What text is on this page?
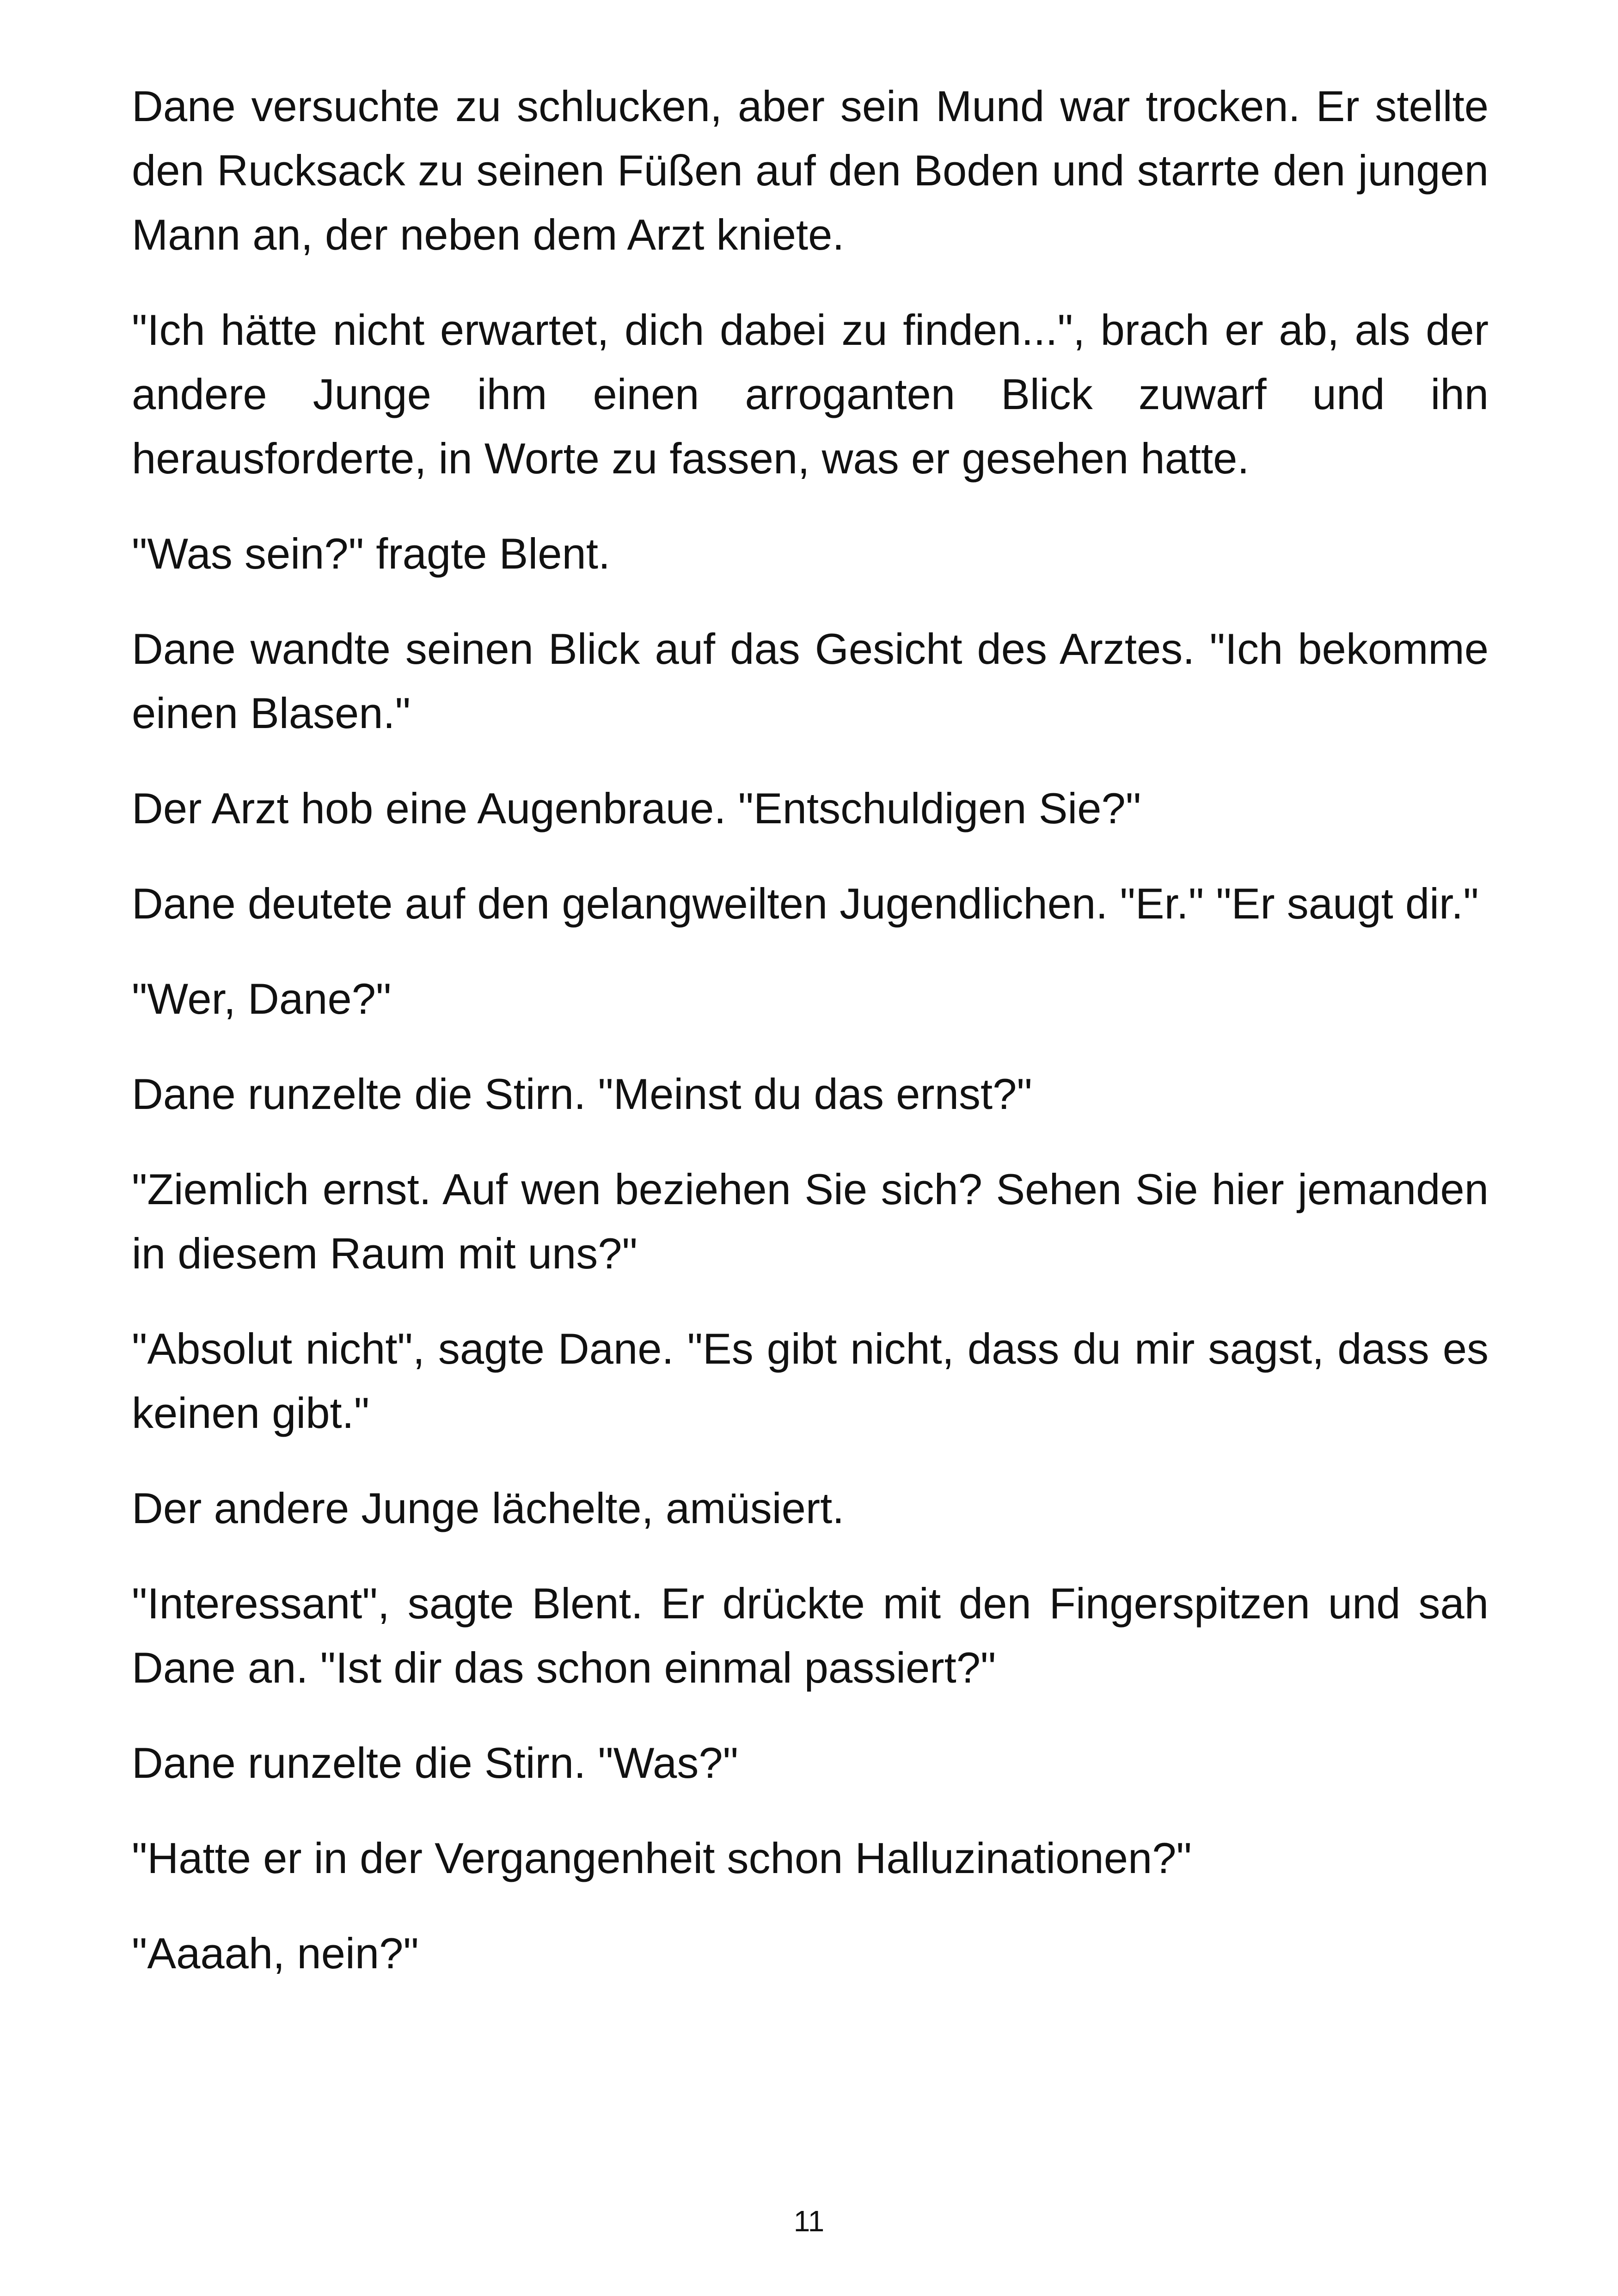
Dane versuchte zu schlucken, aber sein Mund war trocken. Er stellte den Rucksack zu seinen Füßen auf den Boden und starrte den jungen Mann an, der neben dem Arzt kniete.

"Ich hätte nicht erwartet, dich dabei zu finden...", brach er ab, als der andere Junge ihm einen arroganten Blick zuwarf und ihn herausforderte, in Worte zu fassen, was er gesehen hatte.

"Was sein?" fragte Blent.

Dane wandte seinen Blick auf das Gesicht des Arztes. "Ich bekomme einen Blasen."

Der Arzt hob eine Augenbraue. "Entschuldigen Sie?"

Dane deutete auf den gelangweilten Jugendlichen. "Er." "Er saugt dir."

"Wer, Dane?"

Dane runzelte die Stirn. "Meinst du das ernst?"

"Ziemlich ernst. Auf wen beziehen Sie sich? Sehen Sie hier jemanden in diesem Raum mit uns?"

"Absolut nicht", sagte Dane. "Es gibt nicht, dass du mir sagst, dass es keinen gibt."

Der andere Junge lächelte, amüsiert.

"Interessant", sagte Blent. Er drückte mit den Fingerspitzen und sah Dane an. "Ist dir das schon einmal passiert?"

Dane runzelte die Stirn. "Was?"

"Hatte er in der Vergangenheit schon Halluzinationen?"

"Aaaah, nein?"

11
